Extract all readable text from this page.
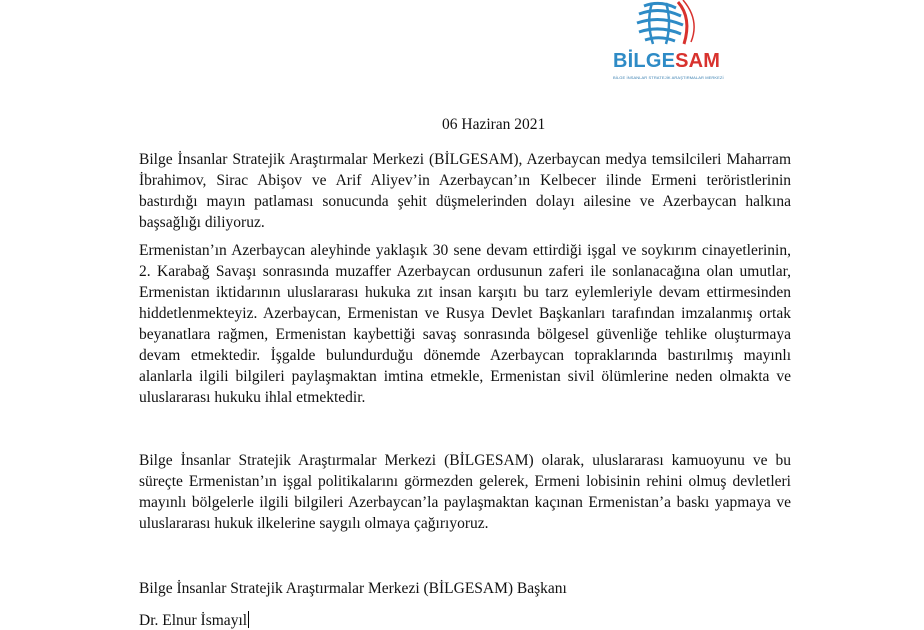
BİLGESAM
BİLGE İNSANLAR STRATEJİK ARAŞTIRMALAR MERKEZİ
06 Haziran 2021

Bilge İnsanlar Stratejik Araştırmalar Merkezi (BİLGESAM), Azerbaycan medya temsilcileri Maharram İbrahimov, Sirac Abişov ve Arif Aliyev’in Azerbaycan’ın Kelbecer ilinde Ermeni teröristlerinin bastırdığı mayın patlaması sonucunda şehit düşmelerinden dolayı ailesine ve Azerbaycan halkına başsağlığı diliyoruz.

Ermenistan’ın Azerbaycan aleyhinde yaklaşık 30 sene devam ettirdiği işgal ve soykırım cinayetlerinin, 2. Karabağ Savaşı sonrasında muzaffer Azerbaycan ordusunun zaferi ile sonlanacağına olan umutlar, Ermenistan iktidarının uluslararası hukuka zıt insan karşıtı bu tarz eylemleriyle devam ettirmesinden hiddetlenmekteyiz. Azerbaycan, Ermenistan ve Rusya Devlet Başkanları tarafından imzalanmış ortak beyanatlara rağmen, Ermenistan kaybettiği savaş sonrasında bölgesel güvenliğe tehlike oluşturmaya devam etmektedir. İşgalde bulundurduğu dönemde Azerbaycan topraklarında bastırılmış mayınlı alanlarla ilgili bilgileri paylaşmaktan imtina etmekle, Ermenistan sivil ölümlerine neden olmakta ve uluslararası hukuku ihlal etmektedir.

Bilge İnsanlar Stratejik Araştırmalar Merkezi (BİLGESAM) olarak, uluslararası kamuoyunu ve bu süreçte Ermenistan’ın işgal politikalarını görmezden gelerek, Ermeni lobisinin rehini olmuş devletleri mayınlı bölgelerle ilgili bilgileri Azerbaycan’la paylaşmaktan kaçınan Ermenistan’a baskı yapmaya ve uluslararası hukuk ilkelerine saygılı olmaya çağırıyoruz.

Bilge İnsanlar Stratejik Araştırmalar Merkezi (BİLGESAM) Başkanı
Dr. Elnur İsmayıl
